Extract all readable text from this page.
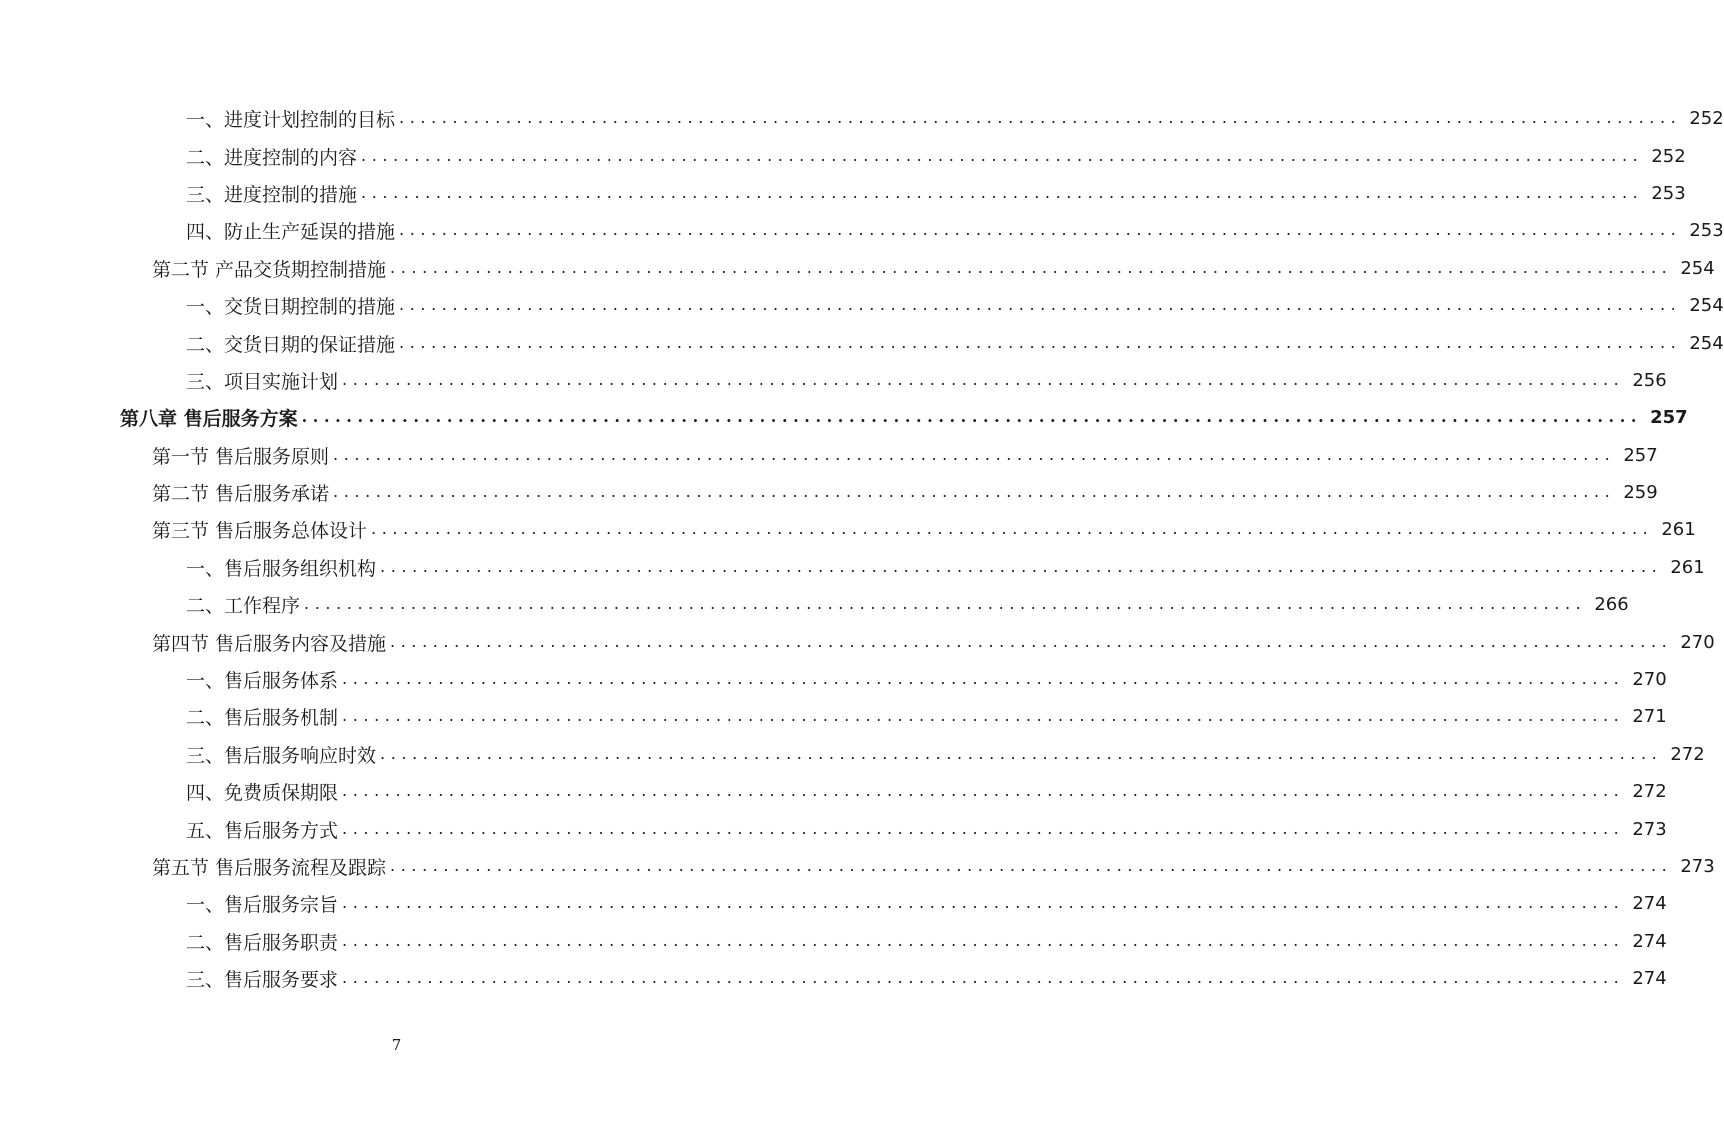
一、进度计划控制的目标 ........................................................................................................................ 252
二、进度控制的内容 ........................................................................................................................ 252
三、进度控制的措施 ........................................................................................................................ 253
四、防止生产延误的措施 ........................................................................................................................ 253
第二节 产品交货期控制措施 ........................................................................................................................ 254
一、交货日期控制的措施 ........................................................................................................................ 254
二、交货日期的保证措施 ........................................................................................................................ 254
三、项目实施计划 ........................................................................................................................ 256
第八章 售后服务方案 ........................................................................................................................ 257
第一节 售后服务原则 ........................................................................................................................ 257
第二节 售后服务承诺 ........................................................................................................................ 259
第三节 售后服务总体设计 ........................................................................................................................ 261
一、售后服务组织机构 ........................................................................................................................ 261
二、工作程序 ........................................................................................................................ 266
第四节 售后服务内容及措施 ........................................................................................................................ 270
一、售后服务体系 ........................................................................................................................ 270
二、售后服务机制 ........................................................................................................................ 271
三、售后服务响应时效 ........................................................................................................................ 272
四、免费质保期限 ........................................................................................................................ 272
五、售后服务方式 ........................................................................................................................ 273
第五节 售后服务流程及跟踪 ........................................................................................................................ 273
一、售后服务宗旨 ........................................................................................................................ 274
二、售后服务职责 ........................................................................................................................ 274
三、售后服务要求 ........................................................................................................................ 274
7
